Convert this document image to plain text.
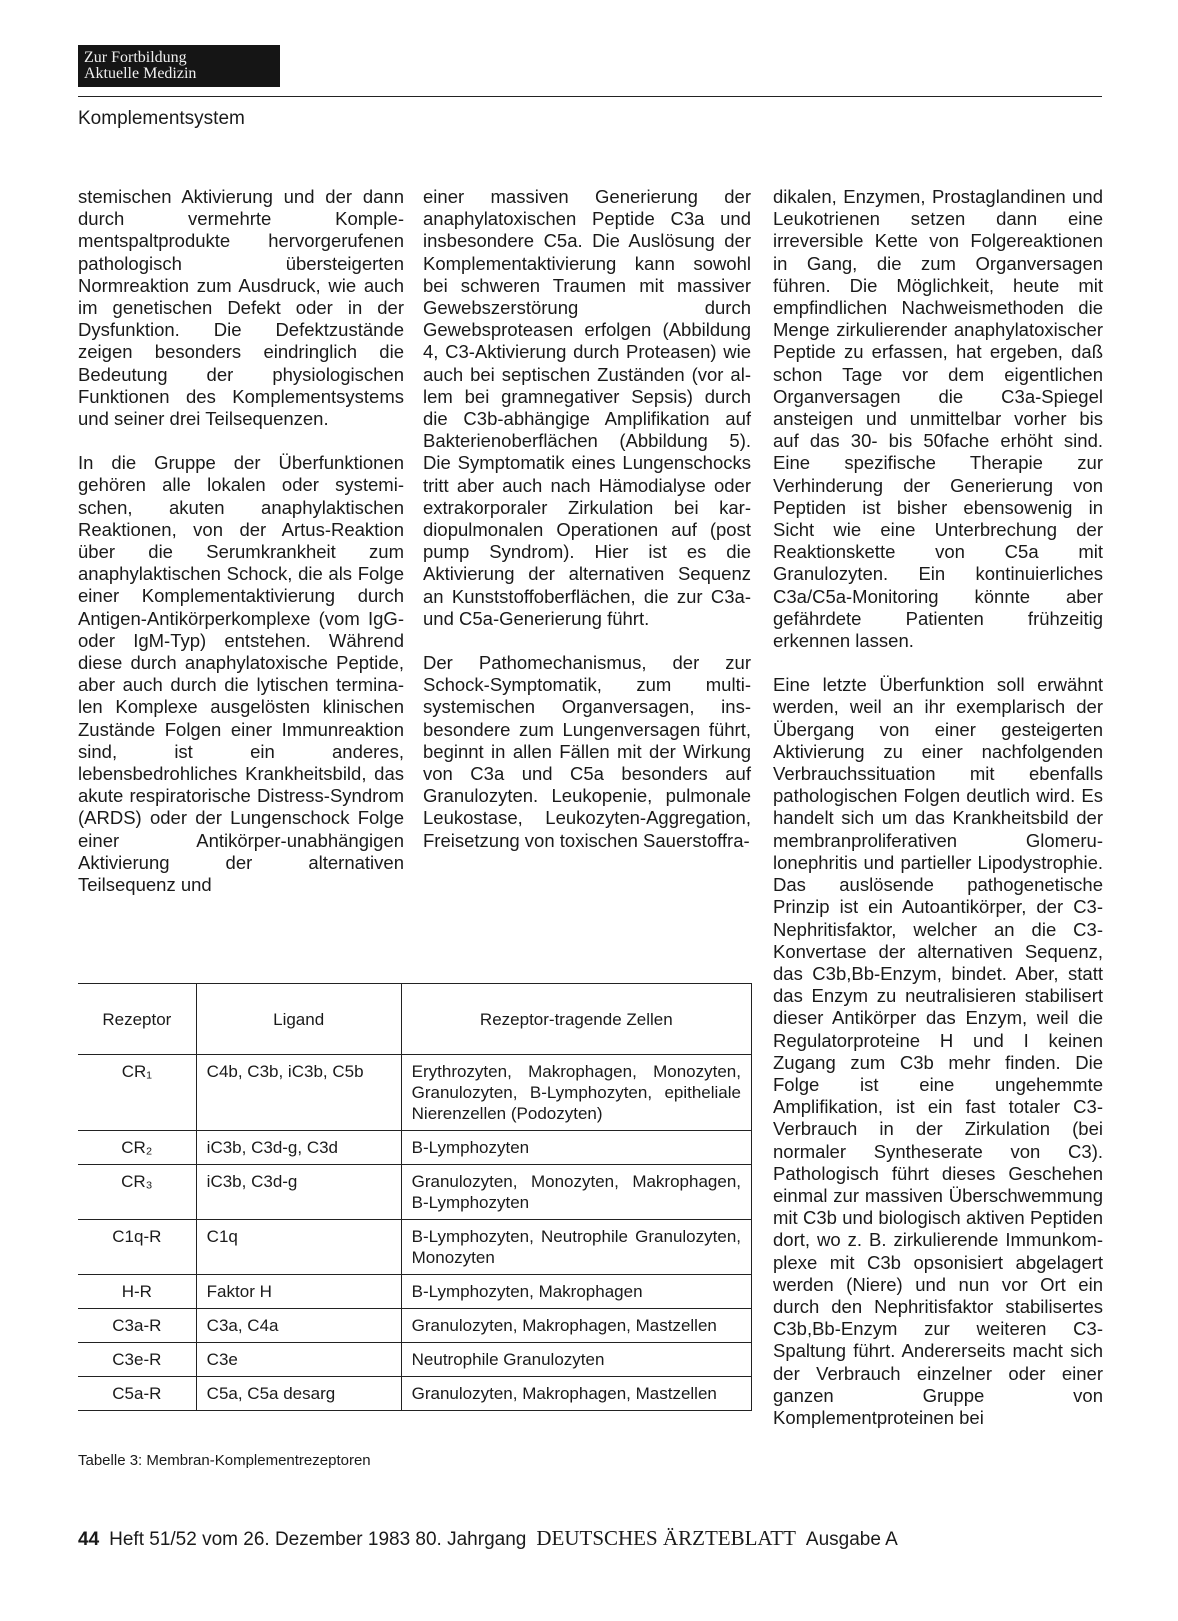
Zur Fortbildung
Aktuelle Medizin
Komplementsystem

stemischen Aktivierung und der dann durch vermehrte Komplementspaltprodukte hervorgerufenen pathologisch übersteigerten Normreaktion zum Ausdruck, wie auch im genetischen Defekt oder in der Dysfunktion. Die Defektzustände zeigen besonders eindringlich die Bedeutung der physiologischen Funktionen des Komplementsystems und seiner drei Teilsequenzen.

In die Gruppe der Überfunktionen gehören alle lokalen oder systemischen, akuten anaphylaktischen Reaktionen, von der Artus-Reaktion über die Serumkrankheit zum anaphylaktischen Schock, die als Folge einer Komplementaktivierung durch Antigen-Antikörperkomplexe (vom IgG- oder IgM-Typ) entstehen. Während diese durch anaphylatoxische Peptide, aber auch durch die lytischen terminalen Komplexe ausgelösten klinischen Zustände Folgen einer Immunreaktion sind, ist ein anderes, lebensbedrohliches Krankheitsbild, das akute respiratorische Distress-Syndrom (ARDS) oder der Lungenschock Folge einer Antikörper-unabhängigen Aktivierung der alternativen Teilsequenz und

einer massiven Generierung der anaphylatoxischen Peptide C3a und insbesondere C5a. Die Auslösung der Komplementaktivierung kann sowohl bei schweren Traumen mit massiver Gewebszerstörung durch Gewebsproteasen erfolgen (Abbildung 4, C3-Aktivierung durch Proteasen) wie auch bei septischen Zuständen (vor allem bei gramnegativer Sepsis) durch die C3b-abhängige Amplifikation auf Bakterienoberflächen (Abbildung 5). Die Symptomatik eines Lungenschocks tritt aber auch nach Hämodialyse oder extrakorporaler Zirkulation bei kardiopulmonalen Operationen auf (post pump Syndrom). Hier ist es die Aktivierung der alternativen Sequenz an Kunststoffoberflächen, die zur C3a- und C5a-Generierung führt.

Der Pathomechanismus, der zur Schock-Symptomatik, zum multisystemischen Organversagen, insbesondere zum Lungenversagen führt, beginnt in allen Fällen mit der Wirkung von C3a und C5a besonders auf Granulozyten. Leukopenie, pulmonale Leukostase, Leukozyten-Aggregation, Freisetzung von toxischen Sauerstoffra-

dikalen, Enzymen, Prostaglandinen und Leukotrienen setzen dann eine irreversible Kette von Folgereaktionen in Gang, die zum Organversagen führen. Die Möglichkeit, heute mit empfindlichen Nachweismethoden die Menge zirkulierender anaphylatoxischer Peptide zu erfassen, hat ergeben, daß schon Tage vor dem eigentlichen Organversagen die C3a-Spiegel ansteigen und unmittelbar vorher bis auf das 30- bis 50fache erhöht sind. Eine spezifische Therapie zur Verhinderung der Generierung von Peptiden ist bisher ebensowenig in Sicht wie eine Unterbrechung der Reaktionskette von C5a mit Granulozyten. Ein kontinuierliches C3a/C5a-Monitoring könnte aber gefährdete Patienten frühzeitig erkennen lassen.

Eine letzte Überfunktion soll erwähnt werden, weil an ihr exemplarisch der Übergang von einer gesteigerten Aktivierung zu einer nachfolgenden Verbrauchssituation mit ebenfalls pathologischen Folgen deutlich wird. Es handelt sich um das Krankheitsbild der membranproliferativen Glomerulonephritis und partieller Lipodystrophie. Das auslösende pathogenetische Prinzip ist ein Autoantikörper, der C3-Nephritisfaktor, welcher an die C3-Konvertase der alternativen Sequenz, das C3b,Bb-Enzym, bindet. Aber, statt das Enzym zu neutralisieren stabilisert dieser Antikörper das Enzym, weil die Regulatorproteine H und I keinen Zugang zum C3b mehr finden. Die Folge ist eine ungehemmte Amplifikation, ist ein fast totaler C3-Verbrauch in der Zirkulation (bei normaler Syntheserate von C3). Pathologisch führt dieses Geschehen einmal zur massiven Überschwemmung mit C3b und biologisch aktiven Peptiden dort, wo z. B. zirkulierende Immunkomplexe mit C3b opsonisiert abgelagert werden (Niere) und nun vor Ort ein durch den Nephritisfaktor stabilisertes C3b,Bb-Enzym zur weiteren C3-Spaltung führt. Andererseits macht sich der Verbrauch einzelner oder einer ganzen Gruppe von Komplementproteinen bei

Rezeptor	Ligand	Rezeptor-tragende Zellen
CR₁	C4b, C3b, iC3b, C5b	Erythrozyten, Makrophagen, Monozyten, Granulozyten, B-Lymphozyten, epitheliale Nierenzellen (Podozyten)
CR₂	iC3b, C3d-g, C3d	B-Lymphozyten
CR₃	iC3b, C3d-g	Granulozyten, Monozyten, Makrophagen, B-Lymphozyten
C1q-R	C1q	B-Lymphozyten, Neutrophile Granulozyten, Monozyten
H-R	Faktor H	B-Lymphozyten, Makrophagen
C3a-R	C3a, C4a	Granulozyten, Makrophagen, Mastzellen
C3e-R	C3e	Neutrophile Granulozyten
C5a-R	C5a, C5a desarg	Granulozyten, Makrophagen, Mastzellen
Tabelle 3: Membran-Komplementrezeptoren
44 Heft 51/52 vom 26. Dezember 1983 80. Jahrgang DEUTSCHES ÄRZTEBLATT Ausgabe A
